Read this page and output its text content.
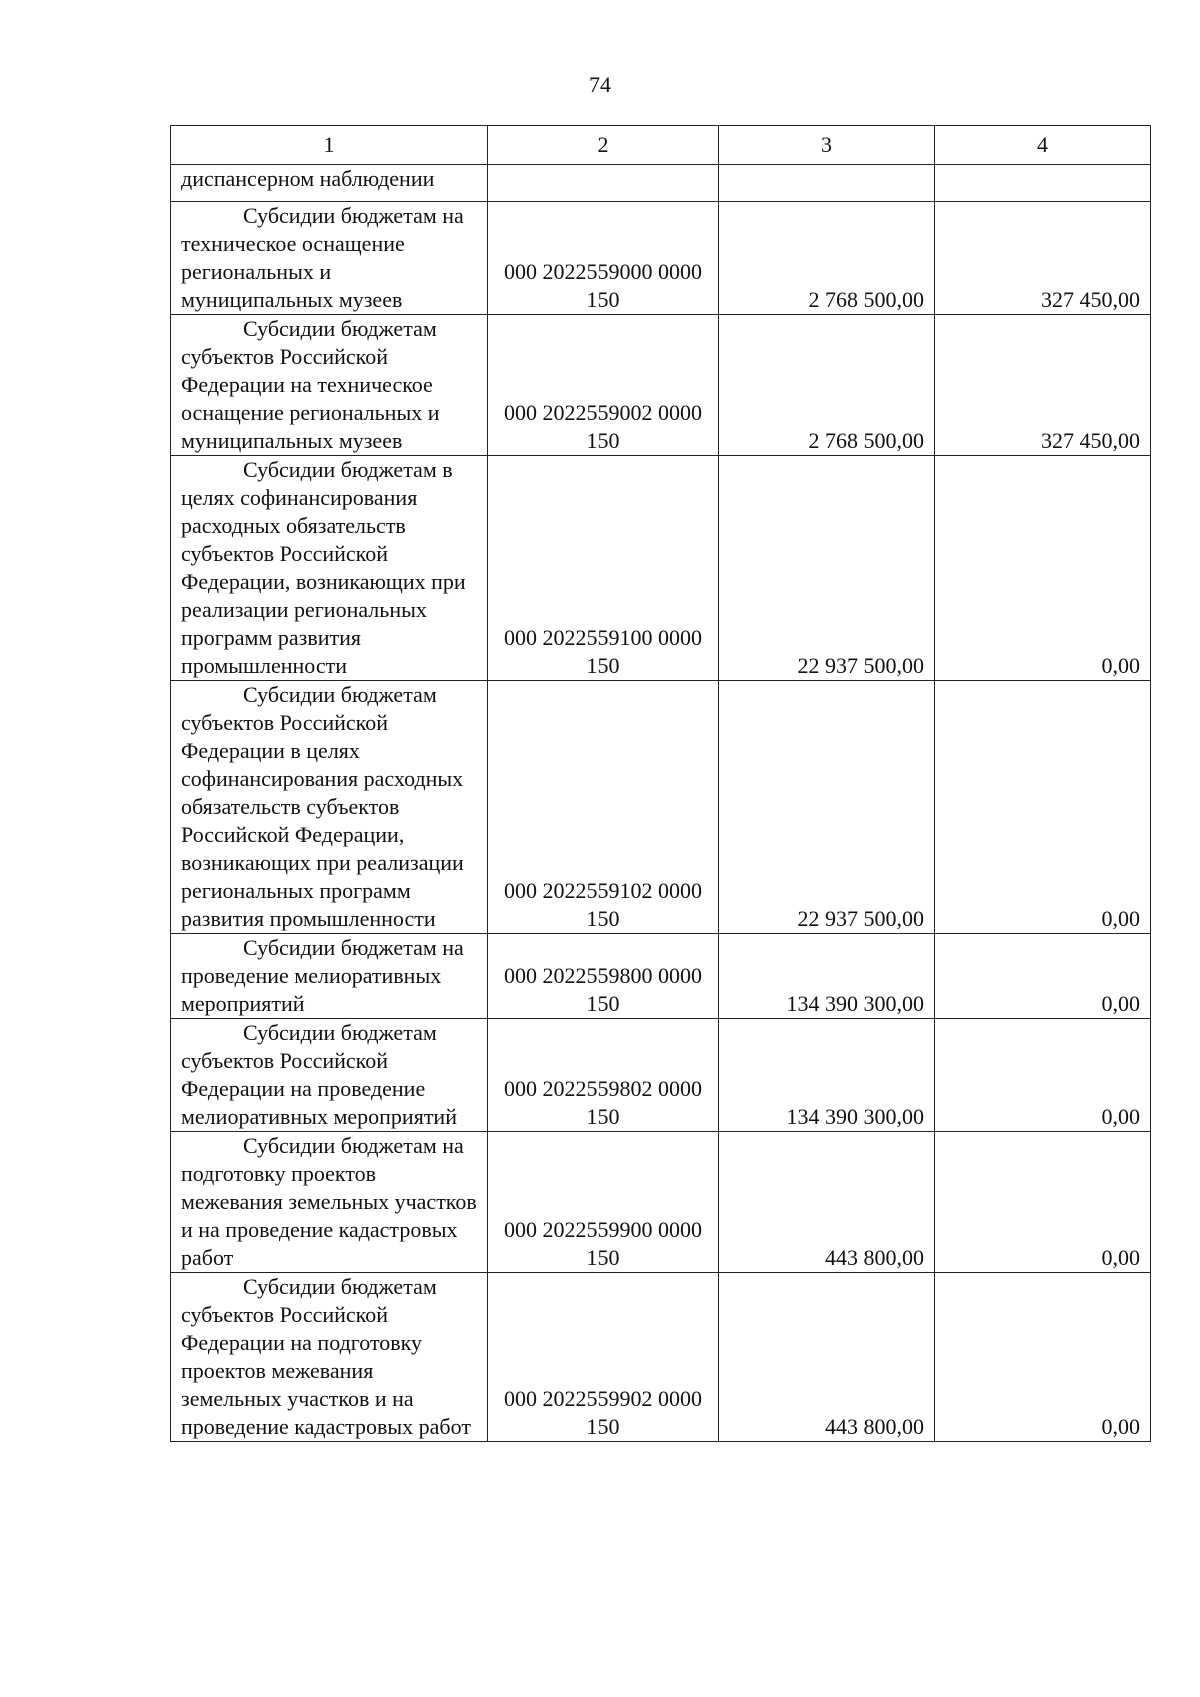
74
1	2	3	4
диспансерном наблюдении			

Субсидии бюджетам на техническое оснащение региональных и муниципальных музеев	000 2022559000 0000 150	2 768 500,00	327 450,00

Субсидии бюджетам субъектов Российской Федерации на техническое оснащение региональных и муниципальных музеев	000 2022559002 0000 150	2 768 500,00	327 450,00

Субсидии бюджетам в целях софинансирования расходных обязательств субъектов Российской Федерации, возникающих при реализации региональных программ развития промышленности	000 2022559100 0000 150	22 937 500,00	0,00

Субсидии бюджетам субъектов Российской Федерации в целях софинансирования расходных обязательств субъектов Российской Федерации, возникающих при реализации региональных программ развития промышленности	000 2022559102 0000 150	22 937 500,00	0,00

Субсидии бюджетам на проведение мелиоративных мероприятий	000 2022559800 0000 150	134 390 300,00	0,00

Субсидии бюджетам субъектов Российской Федерации на проведение мелиоративных мероприятий	000 2022559802 0000 150	134 390 300,00	0,00

Субсидии бюджетам на подготовку проектов межевания земельных участков и на проведение кадастровых работ	000 2022559900 0000 150	443 800,00	0,00

Субсидии бюджетам субъектов Российской Федерации на подготовку проектов межевания земельных участков и на проведение кадастровых работ	000 2022559902 0000 150	443 800,00	0,00
